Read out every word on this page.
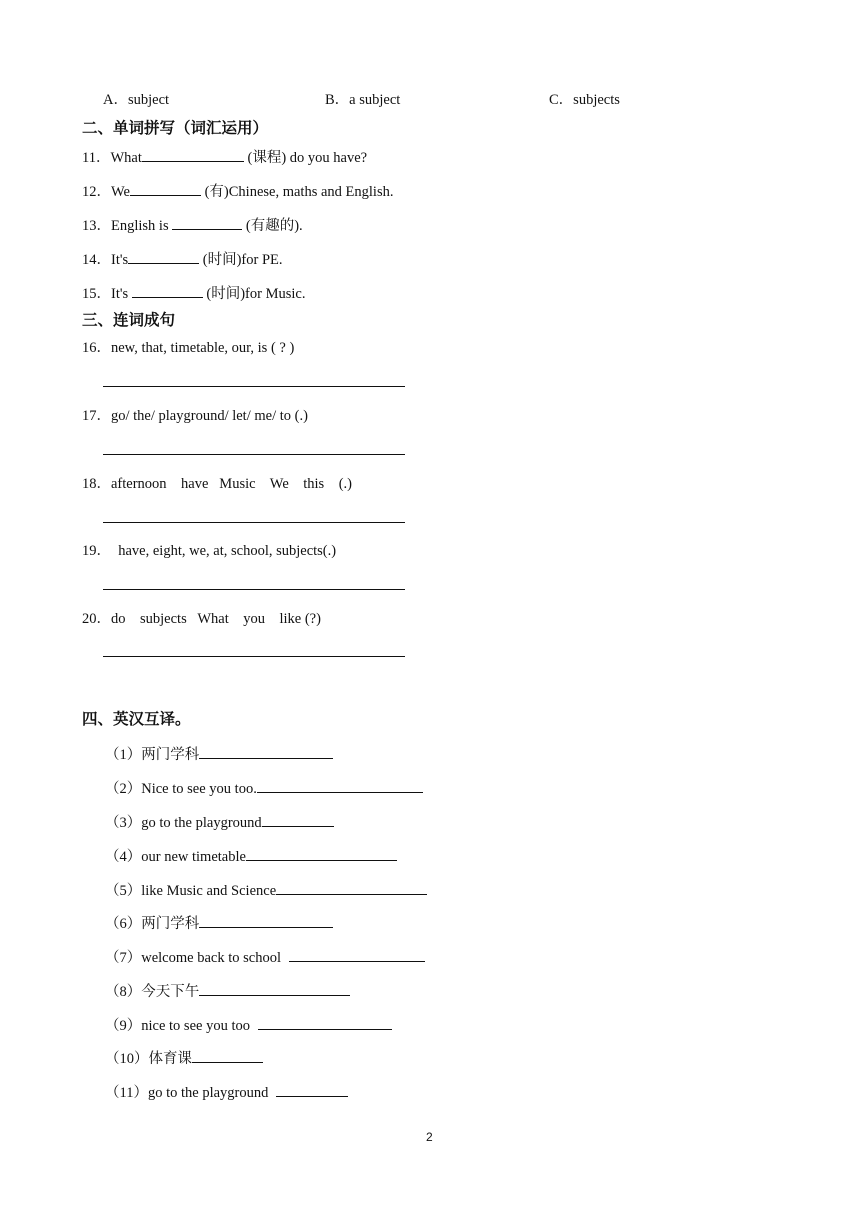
A．subject	B．a subject	C．subjects
二、单词拼写（词汇运用）
11．What	(课程) do you have?
12．We	(有)Chinese, maths and English.
13．English is	(有趣的).
14．It's	(时间)for PE.
15．It's	(时间)for Music.
三、连词成句
16．new, that, timetable, our, is ( ? )
17．go/ the/ playground/ let/ me/ to (.)
18．afternoon    have   Music    We    this    (.)
19．  have, eight, we, at, school, subjects(.)
20．do    subjects   What    you    like (?)
四、英汉互译。
（1）两门学科
（2）Nice to see you too.
（3）go to the playground
（4）our new timetable
（5）like Music and Science
（6）两门学科
（7）welcome back to school
（8）今天下午
（9）nice to see you too
（10）体育课
（11）go to the playground
2
